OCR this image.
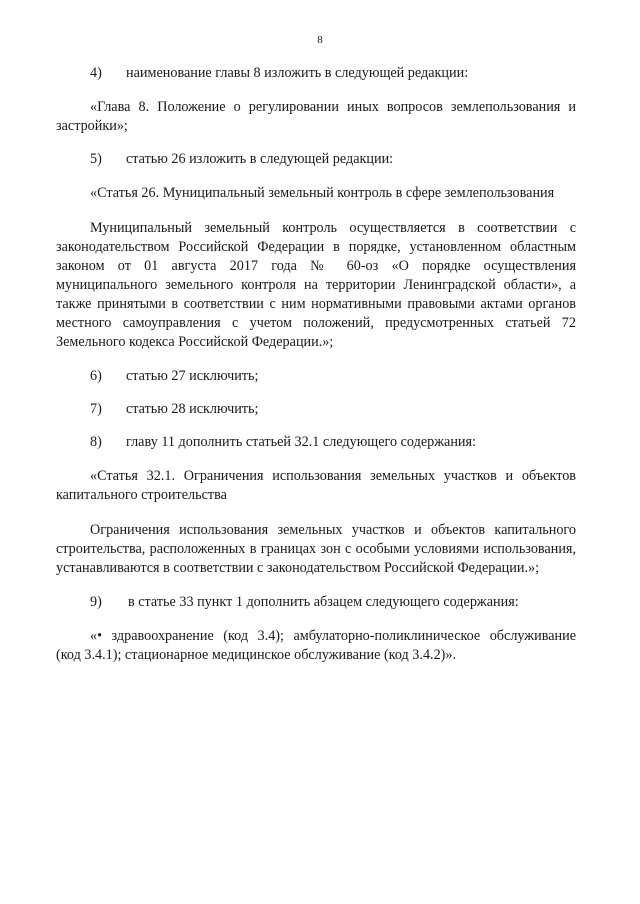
8
4) наименование главы 8 изложить в следующей редакции:
«Глава 8. Положение о регулировании иных вопросов землепользования и
застройки»;
5) статью 26 изложить в следующей редакции:
«Статья 26. Муниципальный земельный контроль в сфере землепользования
Муниципальный земельный контроль осуществляется в соответствии с
законодательством Российской Федерации в порядке, установленном областным
законом от 01 августа 2017 года № 60-оз «О порядке осуществления
муниципального земельного контроля на территории Ленинградской области», а
также принятыми в соответствии с ним нормативными правовыми актами органов
местного самоуправления с учетом положений, предусмотренных статьей 72
Земельного кодекса Российской Федерации.»;
6) статью 27 исключить;
7) статью 28 исключить;
8) главу 11 дополнить статьей 32.1 следующего содержания:
«Статья 32.1. Ограничения использования земельных участков и объектов
капитального строительства
Ограничения использования земельных участков и объектов капитального
строительства, расположенных в границах зон с особыми условиями использования,
устанавливаются в соответствии с законодательством Российской Федерации.»;
9) в статье 33 пункт 1 дополнить абзацем следующего содержания:
«• здравоохранение (код 3.4); амбулаторно-поликлиническое обслуживание
(код 3.4.1); стационарное медицинское обслуживание (код 3.4.2)».
